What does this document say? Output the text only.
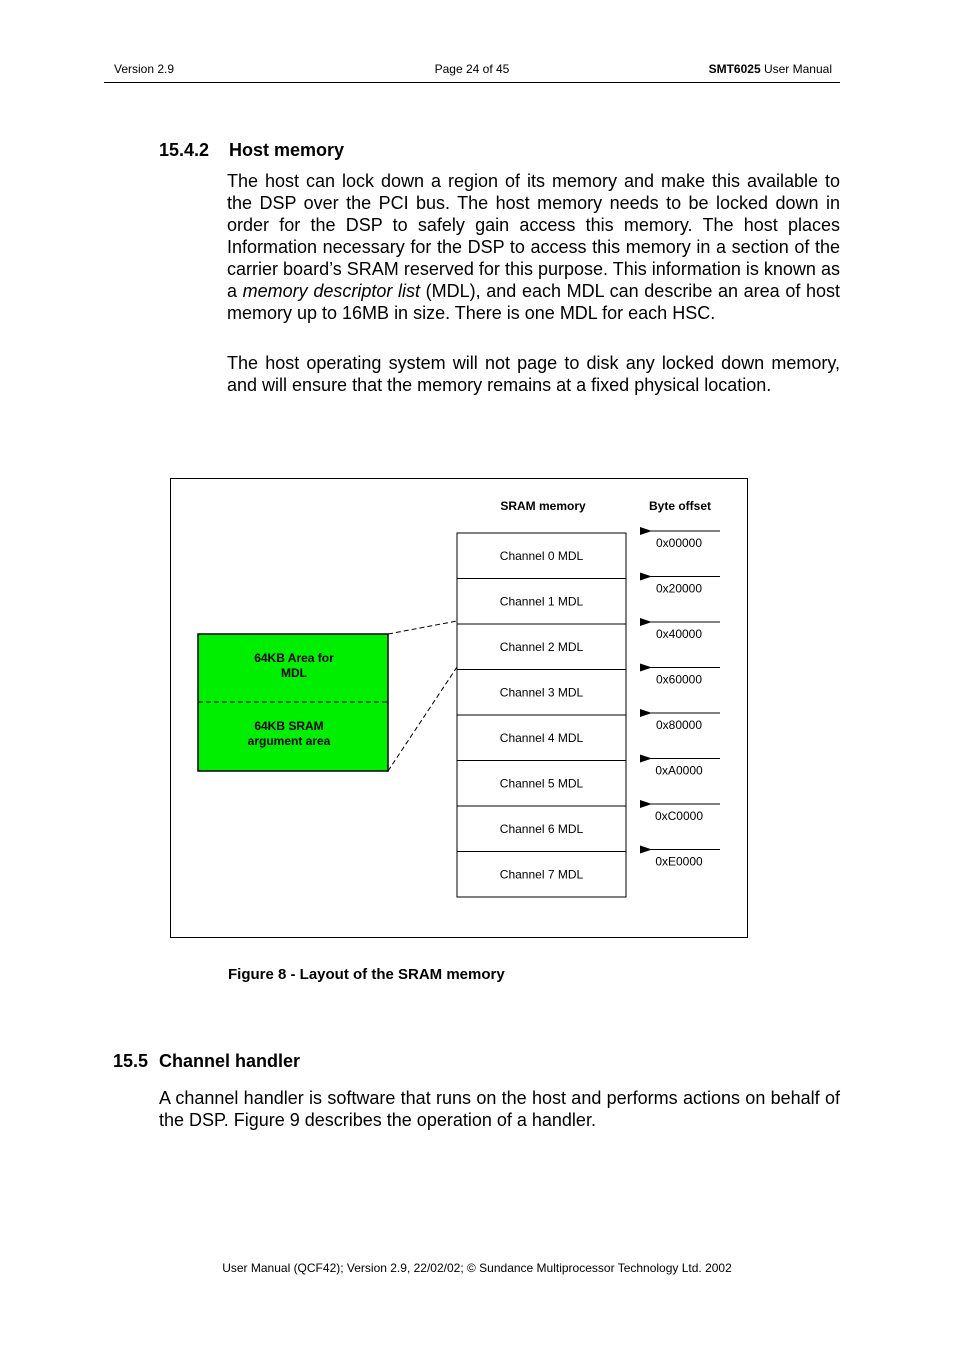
Version 2.9	Page 24 of 45	SMT6025 User Manual
15.4.2 Host memory

The host can lock down a region of its memory and make this available to the DSP over the PCI bus. The host memory needs to be locked down in order for the DSP to safely gain access this memory. The host places Information necessary for the DSP to access this memory in a section of the carrier board’s SRAM reserved for this purpose. This information is known as a memory descriptor list (MDL), and each MDL can describe an area of host memory up to 16MB in size. There is one MDL for each HSC.

The host operating system will not page to disk any locked down memory, and will ensure that the memory remains at a fixed physical location.

SRAM memory	Byte offset
64KB Area for
MDL
64KB SRAM
argument area
Channel 0 MDL
Channel 1 MDL
Channel 2 MDL
Channel 3 MDL
Channel 4 MDL
Channel 5 MDL
Channel 6 MDL
Channel 7 MDL
0x00000
0x20000
0x40000
0x60000
0x80000
0xA0000
0xC0000
0xE0000
Figure 8 - Layout of the SRAM memory
15.5 Channel handler

A channel handler is software that runs on the host and performs actions on behalf of the DSP. Figure 9 describes the operation of a handler.

User Manual (QCF42); Version 2.9, 22/02/02; © Sundance Multiprocessor Technology Ltd. 2002
